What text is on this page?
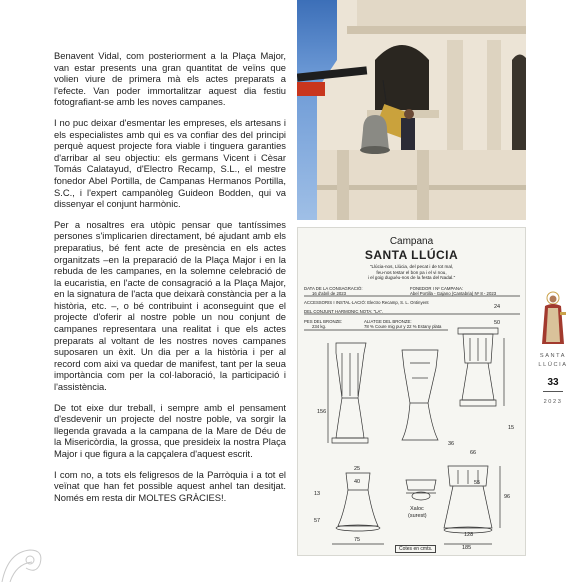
Benavent Vidal, com posteriorment a la Plaça Major, van estar presents una gran quantitat de veïns que volien viure de primera mà els actes preparats a l'efecte. Van poder immortalitzar aquest dia festiu fotografiant-se amb les noves campanes.

I no puc deixar d'esmentar les empreses, els artesans i els especialistes amb qui es va confiar des del principi perquè aquest projecte fora viable i tinguera garanties d'arribar al seu objectiu: els germans Vicent i Cèsar Tomás Calatayud, d'Electro Recamp, S.L., el mestre fonedor Abel Portilla, de Campanas Hermanos Portilla, S.C., i l'expert campanòleg Guideon Bodden, qui va dissenyar el conjunt harmònic.

Per a nosaltres era utòpic pensar que tantíssimes persones s'implicarien directament, bé ajudant amb els preparatius, bé fent acte de presència en els actes organitzats –en la preparació de la Plaça Major i en la rebuda de les campanes, en la solemne celebració de la eucaristia, en l'acte de consagració a la Plaça Major, en la signatura de l'acta que deixarà constància per a la història, etc. –, o bé contribuint i aconseguint que el projecte d'oferir al nostre poble un nou conjunt de campanes representara una realitat i que els actes preparats al voltant de les nostres noves campanes suposaren un èxit. Un dia per a la història i per al record com aixi va quedar de manifest, tant per la seua importància com per la col·laboració, la participació i l'assistència.

De tot eixe dur treball, i sempre amb el pensament d'esdevenir un projecte del nostre poble, va sorgir la llegenda gravada a la campana de la Mare de Déu de la Misericòrdia, la grossa, que presideix la nostra Plaça Major i que figura a la capçalera d'aquest escrit.

I com no, a tots els feligresos de la Parròquia i a tot el veïnat que han fet possible aquest anhel tan desitjat. Només em resta dir MOLTES GRÀCIES!.

Campana
SANTA LLÚCIA
"Llúcia-nos, Llúcia, del pecat i de tot mal,
feu-nos testar el bon pa i el vi nou,
i el goig duguéu-nos de la festa del Nadal."
DATA DE LA CONSAGRACIÓ:
16 d'abril de 2023
FONEDOR I Nº CAMPANA:
Abel Portilla - Gajano (Cantabria) Nº 8 - 2023
ACCESSORIS I INSTAL·LACIÓ: Electro Recamp, S. L. Ontinyent
DEL CONJUNT HARMONIC NOTA: "LA".
PES DEL BRONZE:
234 kg.
ALIATGE DEL BRONZE:
78 % Coure mig pur y 22 % Estany plata
24
50
156
15
36
66
25
40
13
57
75
55
128
96
185
Xaloc
(surest)
Cotes en cmts.
SANTA
LLÚCIA
33
2023
